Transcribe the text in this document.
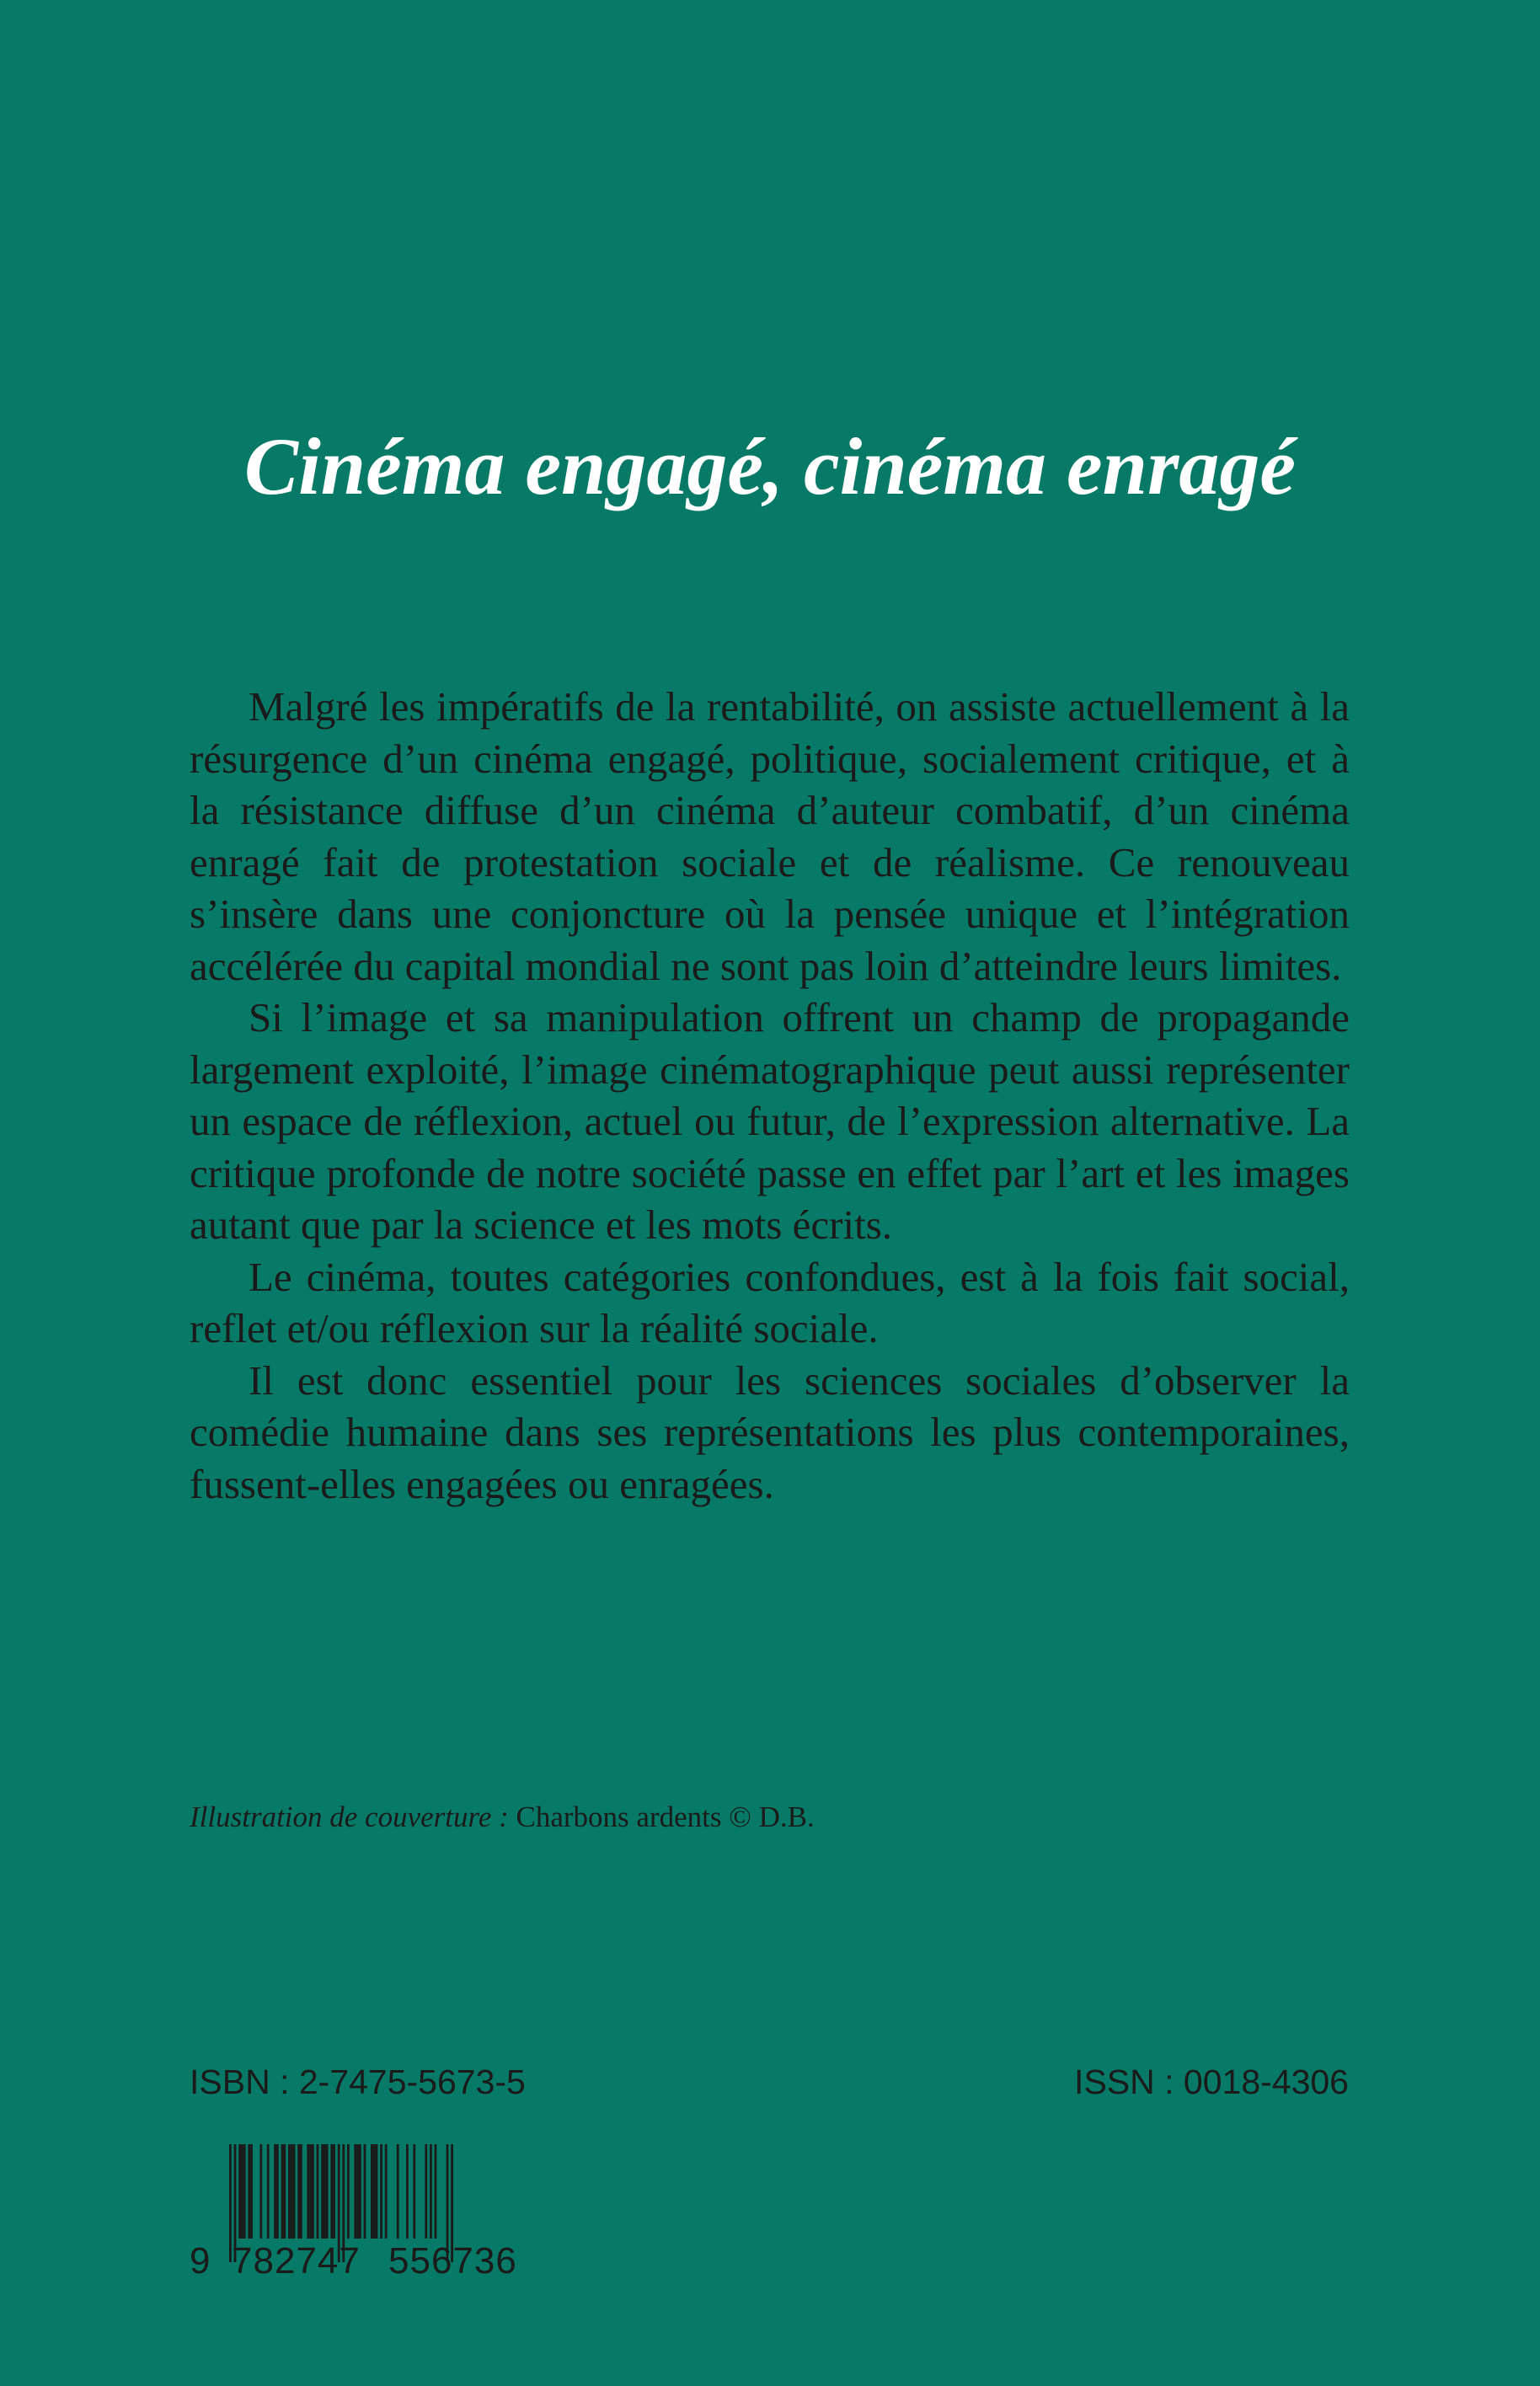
Cinéma engagé, cinéma enragé

Malgré les impératifs de la rentabilité, on assiste actuellement à la résurgence d’un cinéma engagé, politique, socialement critique, et à la résistance diffuse d’un cinéma d’auteur combatif, d’un cinéma enragé fait de protestation sociale et de réalisme. Ce renouveau s’insère dans une conjoncture où la pensée unique et l’intégration accélérée du capital mondial ne sont pas loin d’atteindre leurs limites.

Si l’image et sa manipulation offrent un champ de propagande largement exploité, l’image cinématographique peut aussi représenter un espace de réflexion, actuel ou futur, de l’expression alternative. La critique profonde de notre société passe en effet par l’art et les images autant que par la science et les mots écrits.

Le cinéma, toutes catégories confondues, est à la fois fait social, reflet et/ou réflexion sur la réalité sociale.

Il est donc essentiel pour les sciences sociales d’observer la comédie humaine dans ses représentations les plus contemporaines, fussent-elles engagées ou enragées.

Illustration de couverture : Charbons ardents © D.B.
ISBN : 2-7475-5673-5	ISSN : 0018-4306
9 782747 556736
